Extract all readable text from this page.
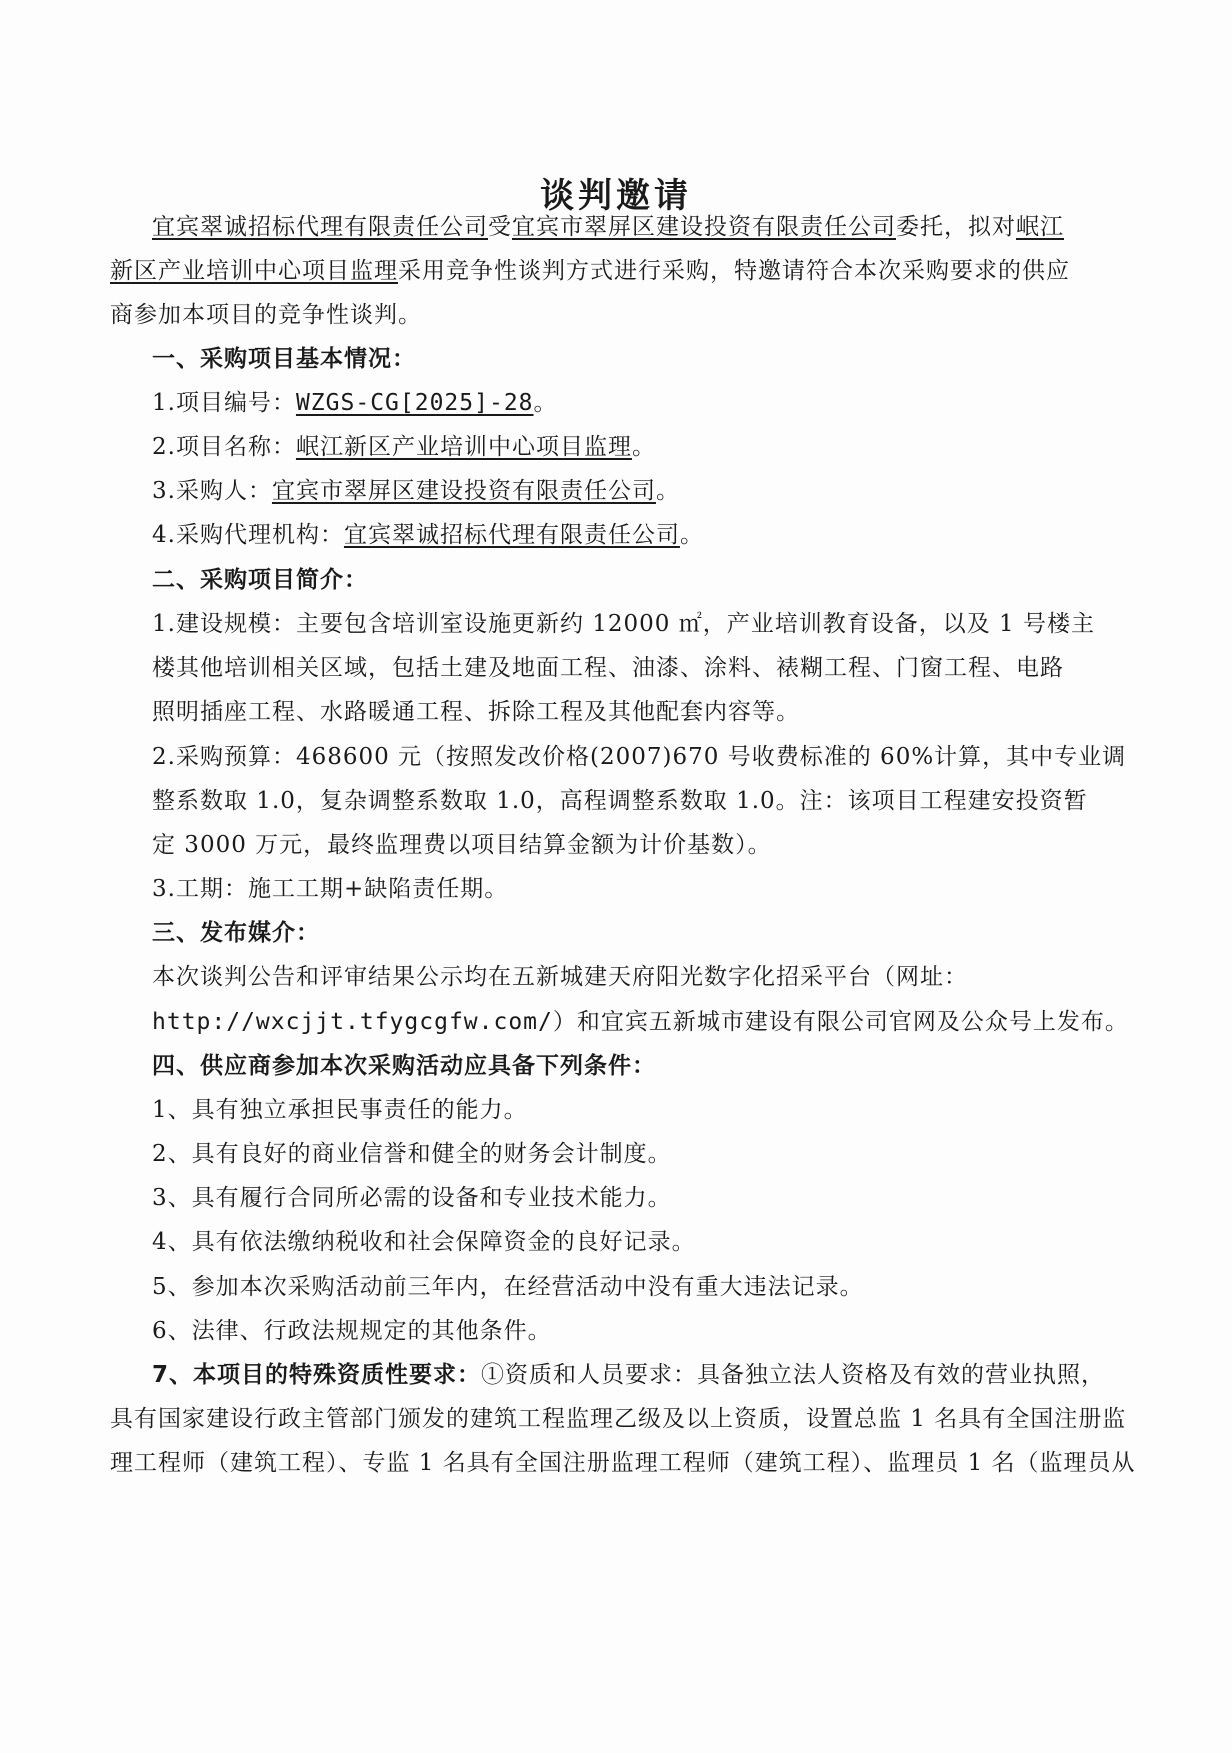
谈判邀请
宜宾翠诚招标代理有限责任公司受宜宾市翠屏区建设投资有限责任公司委托，拟对岷江
新区产业培训中心项目监理采用竞争性谈判方式进行采购，特邀请符合本次采购要求的供应
商参加本项目的竞争性谈判。
一、采购项目基本情况：
1.项目编号：WZGS-CG[2025]-28。
2.项目名称：岷江新区产业培训中心项目监理。
3.采购人：宜宾市翠屏区建设投资有限责任公司。
4.采购代理机构：宜宾翠诚招标代理有限责任公司。
二、采购项目简介：
1.建设规模：主要包含培训室设施更新约 12000 ㎡，产业培训教育设备，以及 1 号楼主
楼其他培训相关区域，包括土建及地面工程、油漆、涂料、裱糊工程、门窗工程、电路
照明插座工程、水路暖通工程、拆除工程及其他配套内容等。
2.采购预算：468600 元（按照发改价格(2007)670 号收费标准的 60%计算，其中专业调
整系数取 1.0，复杂调整系数取 1.0，高程调整系数取 1.0。注：该项目工程建安投资暂
定 3000 万元，最终监理费以项目结算金额为计价基数）。
3.工期：施工工期+缺陷责任期。
三、发布媒介：
本次谈判公告和评审结果公示均在五新城建天府阳光数字化招采平台（网址：
http://wxcjjt.tfygcgfw.com/）和宜宾五新城市建设有限公司官网及公众号上发布。
四、供应商参加本次采购活动应具备下列条件：
1、具有独立承担民事责任的能力。
2、具有良好的商业信誉和健全的财务会计制度。
3、具有履行合同所必需的设备和专业技术能力。
4、具有依法缴纳税收和社会保障资金的良好记录。
5、参加本次采购活动前三年内，在经营活动中没有重大违法记录。
6、法律、行政法规规定的其他条件。
7、本项目的特殊资质性要求：①资质和人员要求：具备独立法人资格及有效的营业执照，
具有国家建设行政主管部门颁发的建筑工程监理乙级及以上资质，设置总监 1 名具有全国注册监
理工程师（建筑工程）、专监 1 名具有全国注册监理工程师（建筑工程）、监理员 1 名（监理员从
